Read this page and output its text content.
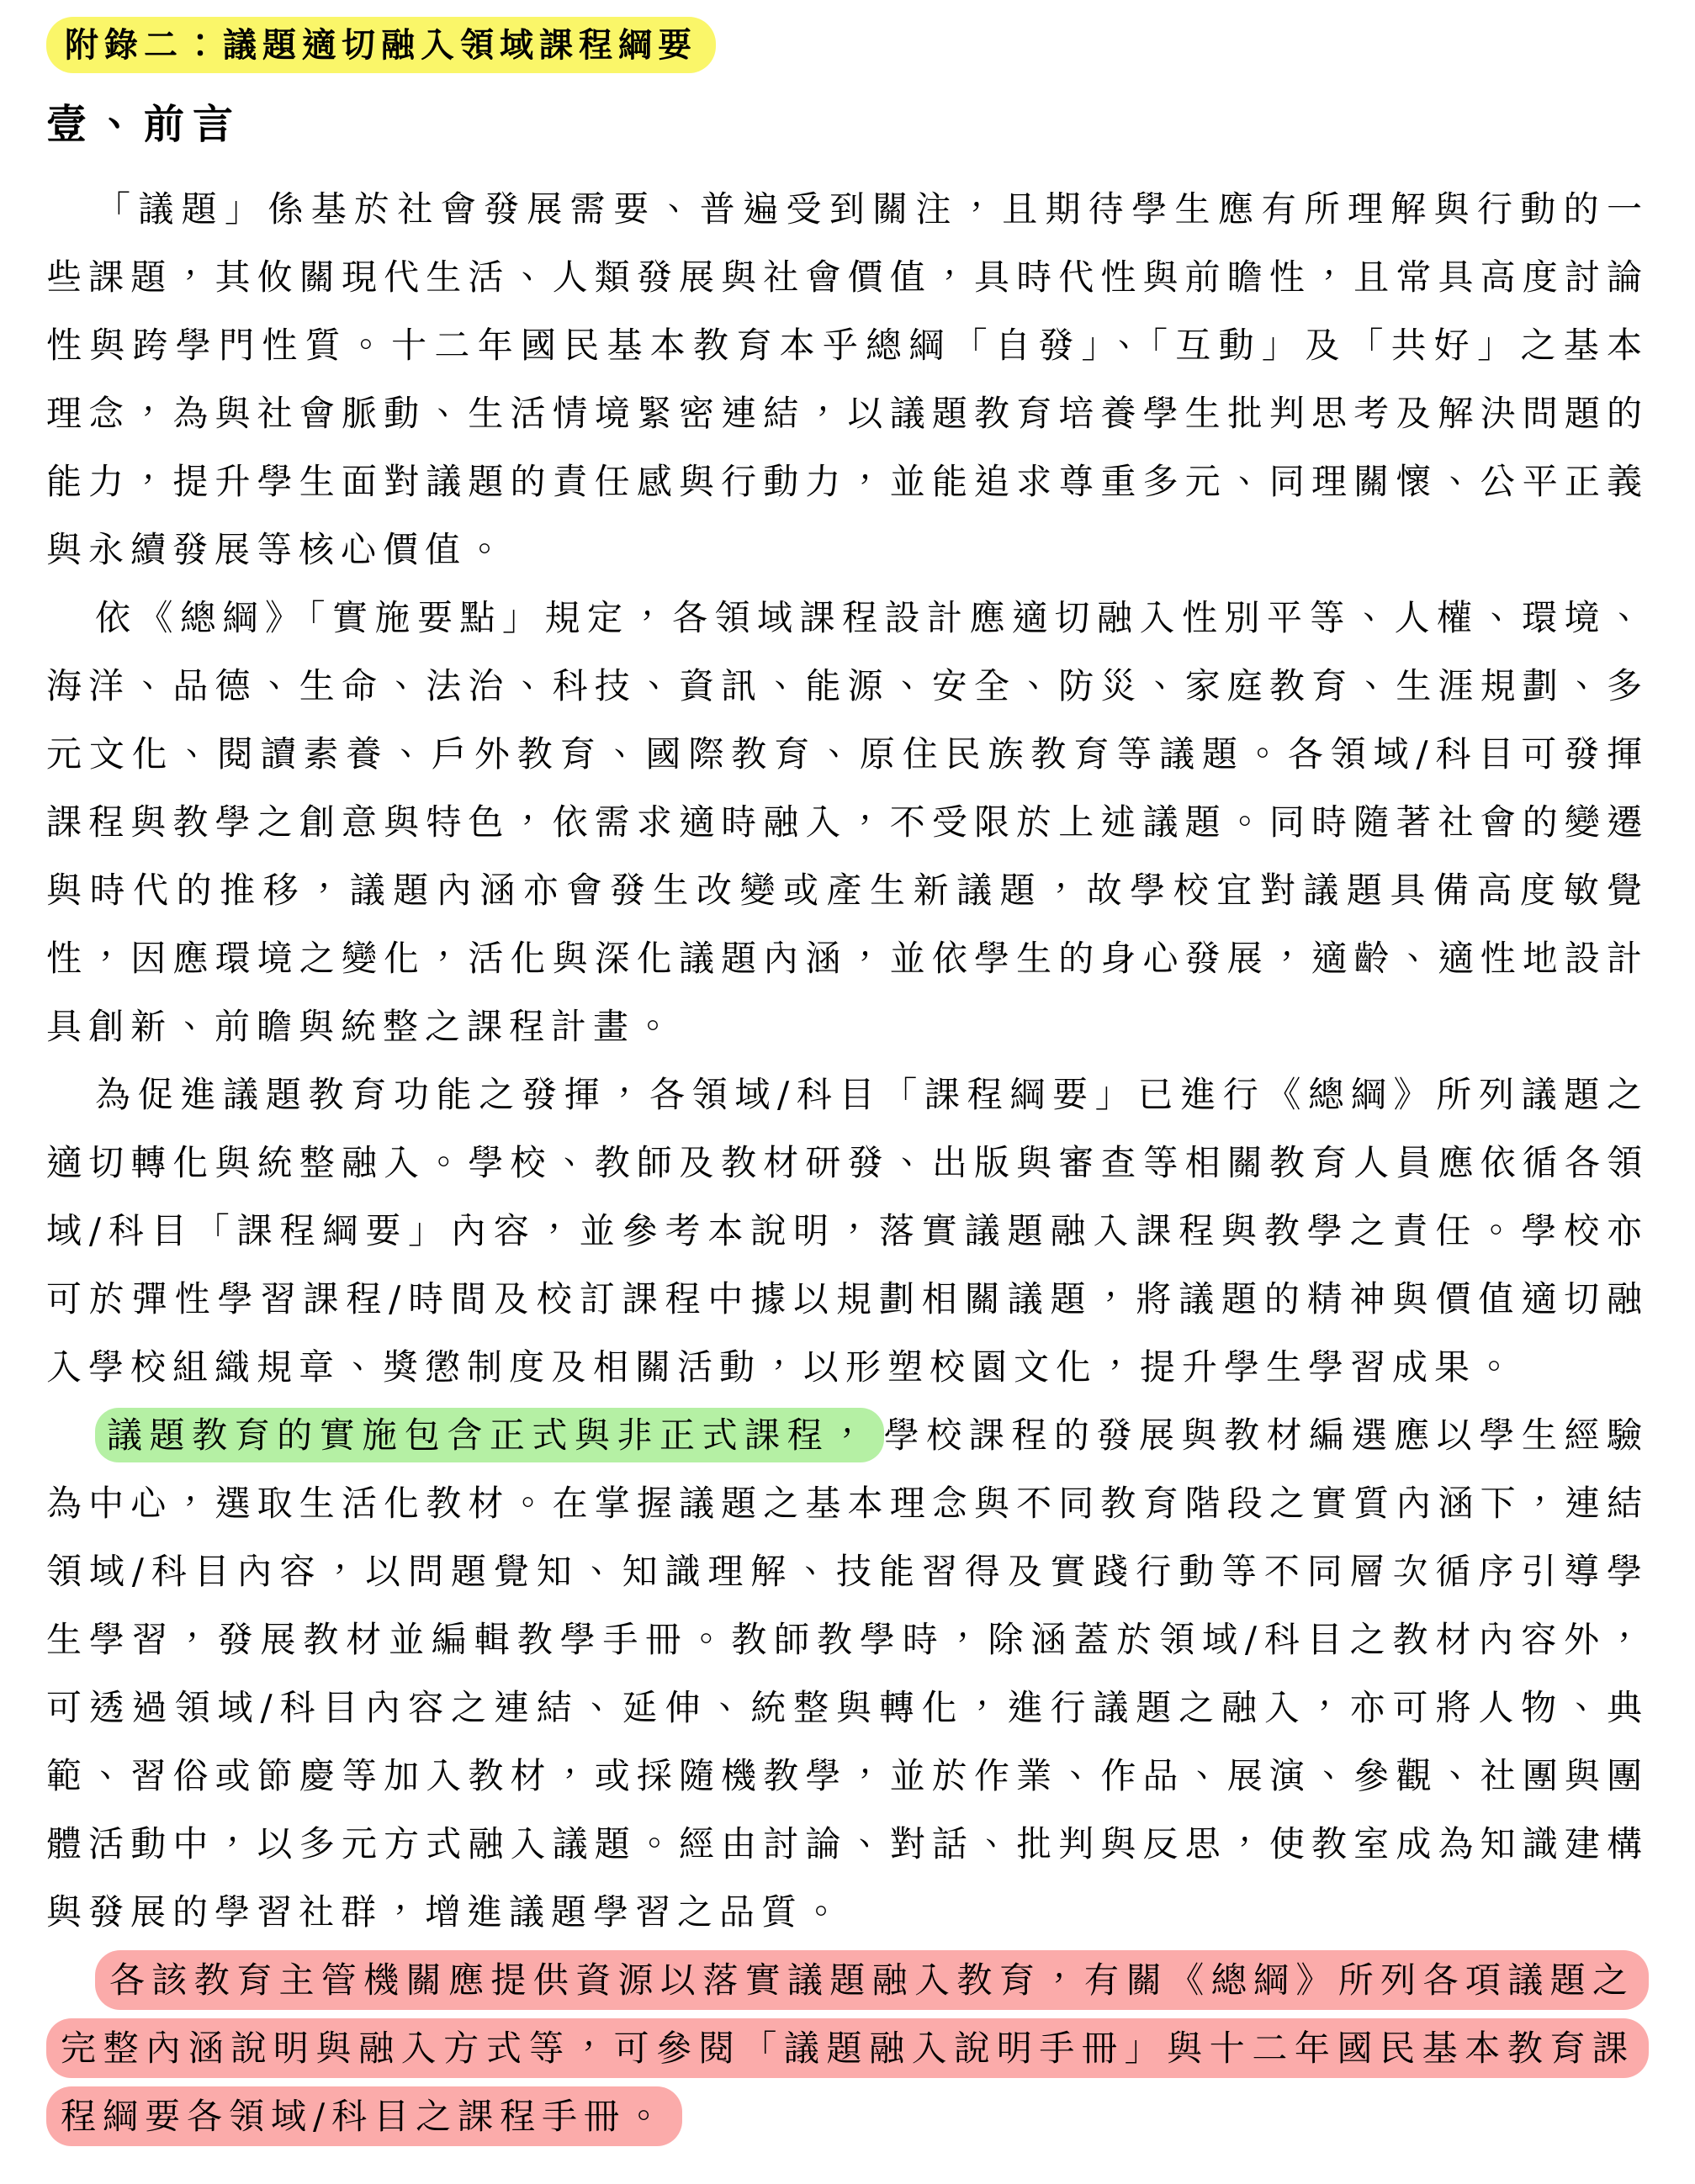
附錄二：議題適切融入領域課程綱要
壹、前言

「議題」係基於社會發展需要、普遍受到關注，且期待學生應有所理解與行動的一些課題，其攸關現代生活、人類發展與社會價值，具時代性與前瞻性，且常具高度討論性與跨學門性質。十二年國民基本教育本乎總綱「自發」、「互動」及「共好」之基本理念，為與社會脈動、生活情境緊密連結，以議題教育培養學生批判思考及解決問題的能力，提升學生面對議題的責任感與行動力，並能追求尊重多元、同理關懷、公平正義與永續發展等核心價值。

依《總綱》「實施要點」規定，各領域課程設計應適切融入性別平等、人權、環境、海洋、品德、生命、法治、科技、資訊、能源、安全、防災、家庭教育、生涯規劃、多元文化、閱讀素養、戶外教育、國際教育、原住民族教育等議題。各領域/科目可發揮課程與教學之創意與特色，依需求適時融入，不受限於上述議題。同時隨著社會的變遷與時代的推移，議題內涵亦會發生改變或產生新議題，故學校宜對議題具備高度敏覺性，因應環境之變化，活化與深化議題內涵，並依學生的身心發展，適齡、適性地設計具創新、前瞻與統整之課程計畫。

為促進議題教育功能之發揮，各領域/科目「課程綱要」已進行《總綱》所列議題之適切轉化與統整融入。學校、教師及教材研發、出版與審查等相關教育人員應依循各領域/科目「課程綱要」內容，並參考本說明，落實議題融入課程與教學之責任。學校亦可於彈性學習課程/時間及校訂課程中據以規劃相關議題，將議題的精神與價值適切融入學校組織規章、獎懲制度及相關活動，以形塑校園文化，提升學生學習成果。

議題教育的實施包含正式與非正式課程， 學校課程的發展與教材編選應以學生經驗為中心，選取生活化教材。在掌握議題之基本理念與不同教育階段之實質內涵下，連結領域/科目內容，以問題覺知、知識理解、技能習得及實踐行動等不同層次循序引導學生學習，發展教材並編輯教學手冊。教師教學時，除涵蓋於領域/科目之教材內容外，可透過領域/科目內容之連結、延伸、統整與轉化，進行議題之融入，亦可將人物、典範、習俗或節慶等加入教材，或採隨機教學，並於作業、作品、展演、參觀、社團與團體活動中，以多元方式融入議題。經由討論、對話、批判與反思，使教室成為知識建構與發展的學習社群，增進議題學習之品質。

各該教育主管機關應提供資源以落實議題融入教育，有關《總綱》所列各項議題之完整內涵說明與融入方式等，可參閱「議題融入說明手冊」與十二年國民基本教育課程綱要各領域/科目之課程手冊。
